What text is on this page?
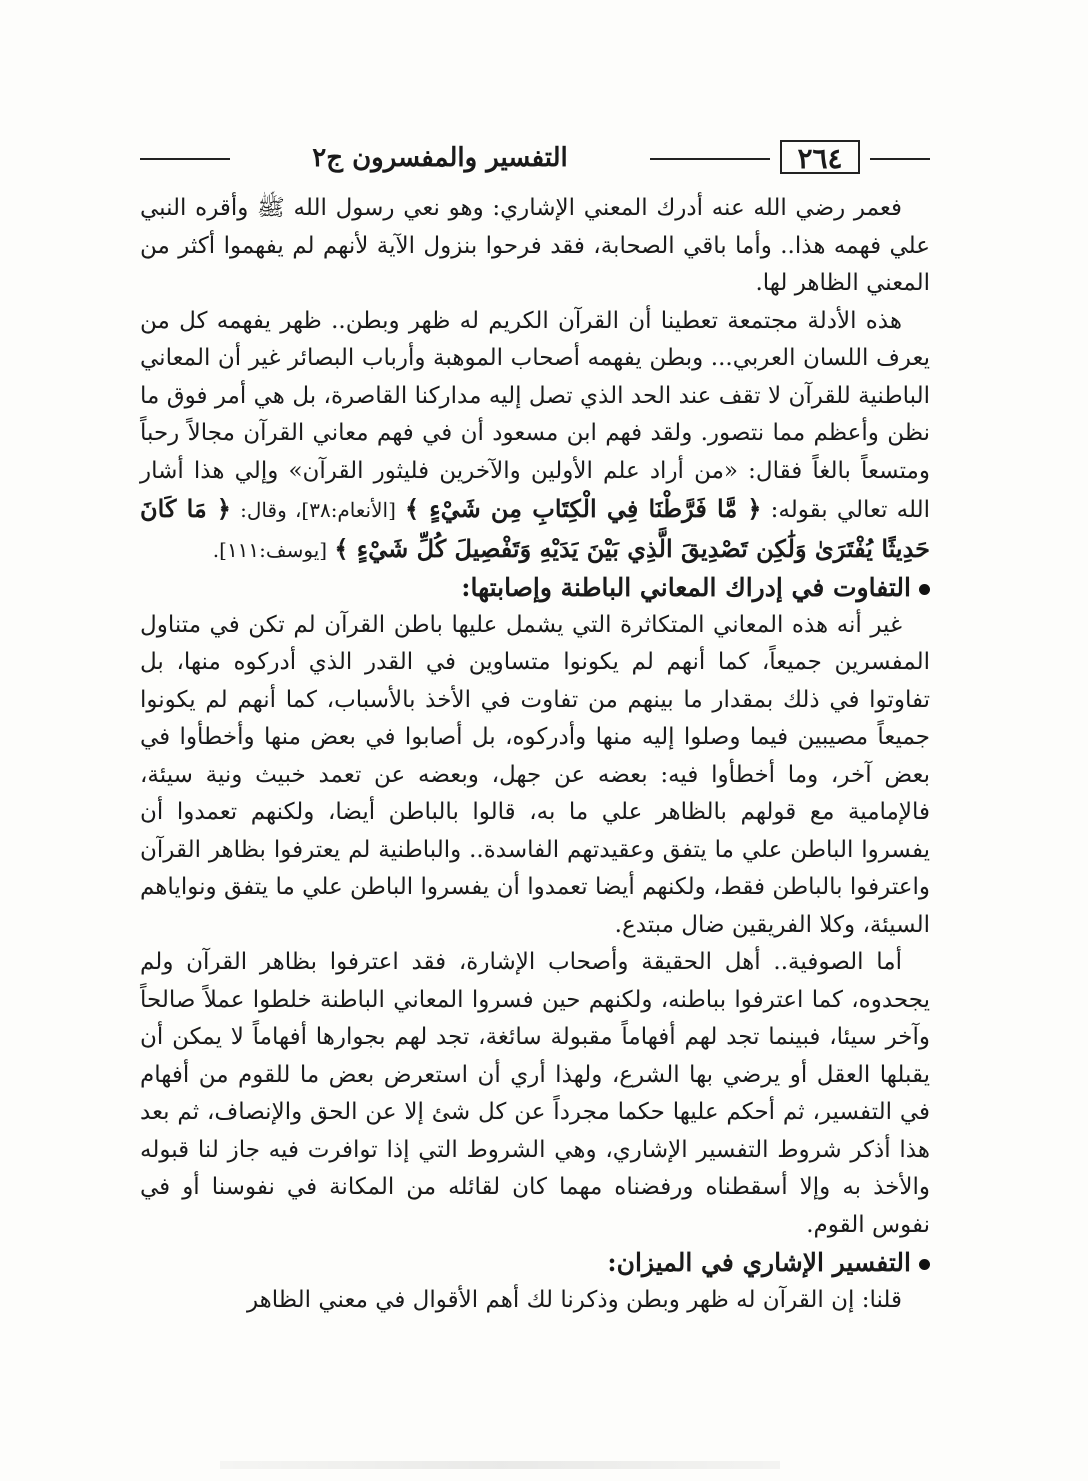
٢٦٤
التفسير والمفسرون ج٢

فعمر رضي الله عنه أدرك المعني الإشاري: وهو نعي رسول الله ﷺ وأقره النبي علي فهمه هذا.. وأما باقي الصحابة، فقد فرحوا بنزول الآية لأنهم لم يفهموا أكثر من المعني الظاهر لها.

هذه الأدلة مجتمعة تعطينا أن القرآن الكريم له ظهر وبطن.. ظهر يفهمه كل من يعرف اللسان العربي... وبطن يفهمه أصحاب الموهبة وأرباب البصائر غير أن المعاني الباطنية للقرآن لا تقف عند الحد الذي تصل إليه مداركنا القاصرة، بل هي أمر فوق ما نظن وأعظم مما نتصور. ولقد فهم ابن مسعود أن في فهم معاني القرآن مجالاً رحباً ومتسعاً بالغاً فقال: «من أراد علم الأولين والآخرين فليثور القرآن» وإلي هذا أشار الله تعالي بقوله: ﴿ مَّا فَرَّطْنَا فِي الْكِتَابِ مِن شَيْءٍ ﴾ [الأنعام:٣٨]، وقال: ﴿ مَا كَانَ حَدِيثًا يُفْتَرَىٰ وَلَٰكِن تَصْدِيقَ الَّذِي بَيْنَ يَدَيْهِ وَتَفْصِيلَ كُلِّ شَيْءٍ ﴾ [يوسف:١١١].

التفاوت في إدراك المعاني الباطنة وإصابتها:

غير أنه هذه المعاني المتكاثرة التي يشمل عليها باطن القرآن لم تكن في متناول المفسرين جميعاً، كما أنهم لم يكونوا متساوين في القدر الذي أدركوه منها، بل تفاوتوا في ذلك بمقدار ما بينهم من تفاوت في الأخذ بالأسباب، كما أنهم لم يكونوا جميعاً مصيبين فيما وصلوا إليه منها وأدركوه، بل أصابوا في بعض منها وأخطأوا في بعض آخر، وما أخطأوا فيه: بعضه عن جهل، وبعضه عن تعمد خبيث ونية سيئة، فالإمامية مع قولهم بالظاهر علي ما به، قالوا بالباطن أيضا، ولكنهم تعمدوا أن يفسروا الباطن علي ما يتفق وعقيدتهم الفاسدة.. والباطنية لم يعترفوا بظاهر القرآن واعترفوا بالباطن فقط، ولكنهم أيضا تعمدوا أن يفسروا الباطن علي ما يتفق ونواياهم السيئة، وكلا الفريقين ضال مبتدع.

أما الصوفية.. أهل الحقيقة وأصحاب الإشارة، فقد اعترفوا بظاهر القرآن ولم يجحدوه، كما اعترفوا بباطنه، ولكنهم حين فسروا المعاني الباطنة خلطوا عملاً صالحاً وآخر سيئا، فبينما تجد لهم أفهاماً مقبولة سائغة، تجد لهم بجوارها أفهاماً لا يمكن أن يقبلها العقل أو يرضي بها الشرع، ولهذا أري أن استعرض بعض ما للقوم من أفهام في التفسير، ثم أحكم عليها حكما مجرداً عن كل شئ إلا عن الحق والإنصاف، ثم بعد هذا أذكر شروط التفسير الإشاري، وهي الشروط التي إذا توافرت فيه جاز لنا قبوله والأخذ به وإلا أسقطناه ورفضناه مهما كان لقائله من المكانة في نفوسنا أو في نفوس القوم.

التفسير الإشاري في الميزان:

قلنا: إن القرآن له ظهر وبطن وذكرنا لك أهم الأقوال في معني الظاهر
